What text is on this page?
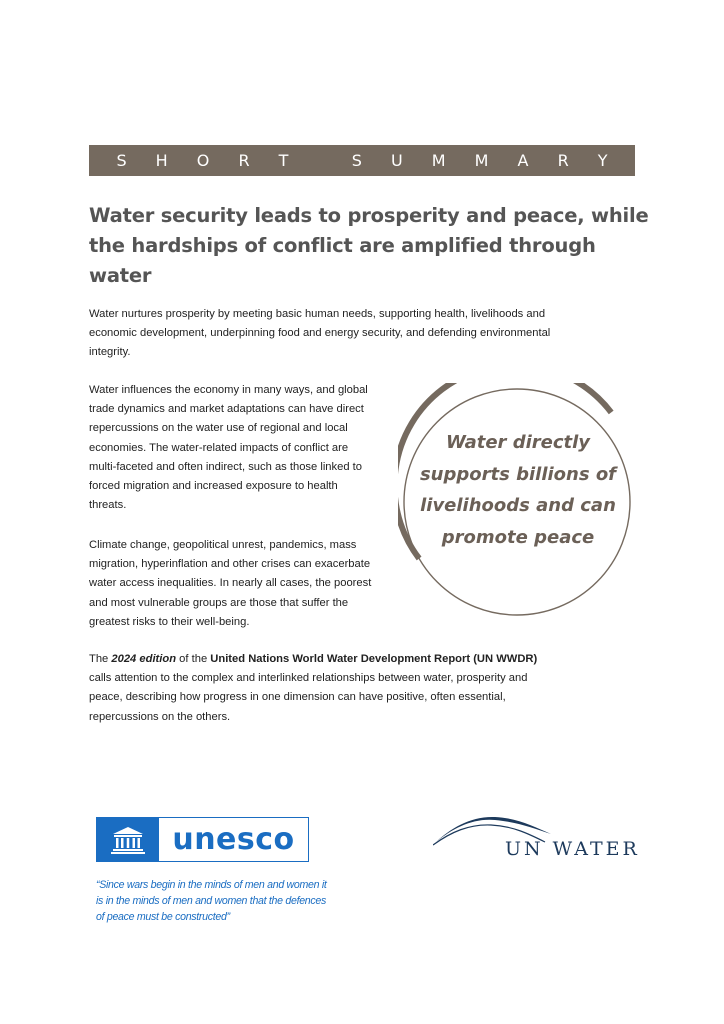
S H O R T   S U M M A R Y
Water security leads to prosperity and peace, while the hardships of conflict are amplified through water

Water nurtures prosperity by meeting basic human needs, supporting health, livelihoods and economic development, underpinning food and energy security, and defending environmental integrity.

Water influences the economy in many ways, and global trade dynamics and market adaptations can have direct repercussions on the water use of regional and local economies. The water-related impacts of conflict are multi-faceted and often indirect, such as those linked to forced migration and increased exposure to health threats.

Climate change, geopolitical unrest, pandemics, mass migration, hyperinflation and other crises can exacerbate water access inequalities. In nearly all cases, the poorest and most vulnerable groups are those that suffer the greatest risks to their well-being.

The 2024 edition of the United Nations World Water Development Report (UN WWDR) calls attention to the complex and interlinked relationships between water, prosperity and peace, describing how progress in one dimension can have positive, often essential, repercussions on the others.

Water directly supports billions of livelihoods and can promote peace

unesco

“Since wars begin in the minds of men and women it is in the minds of men and women that the defences of peace must be constructed”

UN WATER
